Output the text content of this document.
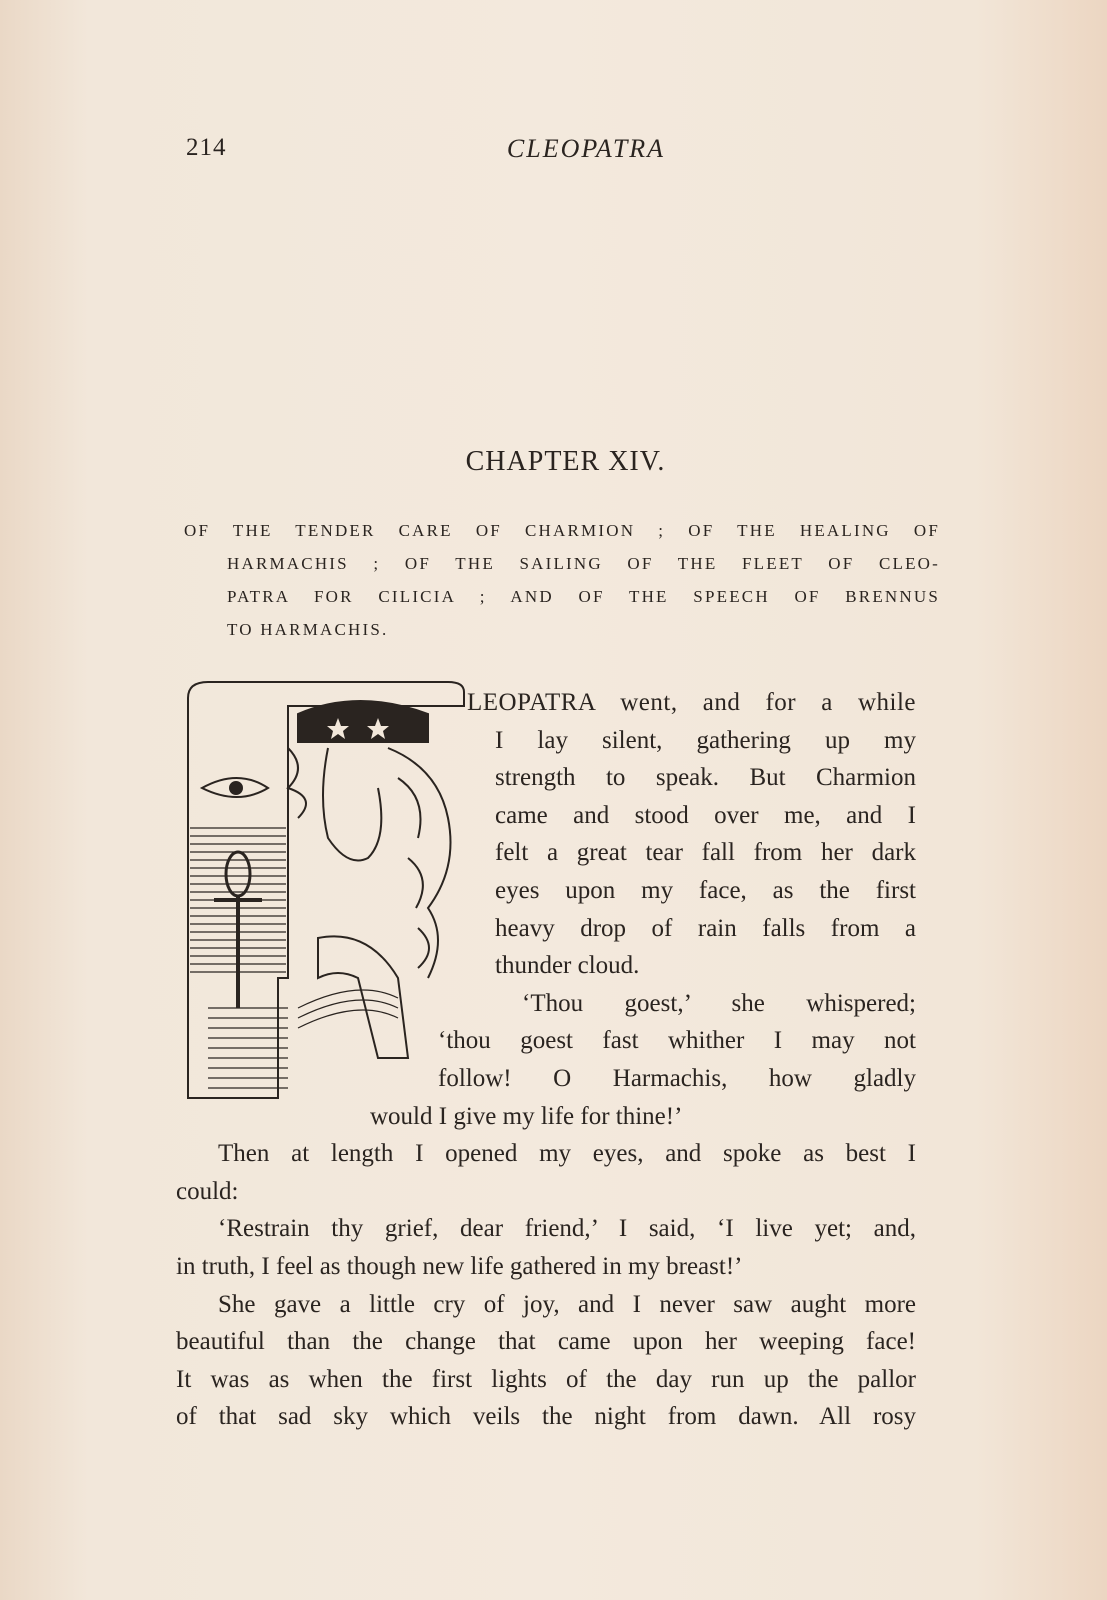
214	CLEOPATRA
CHAPTER XIV.
OF THE TENDER CARE OF CHARMION ; OF THE HEALING OF
HARMACHIS ; OF THE SAILING OF THE FLEET OF CLEO-
PATRA FOR CILICIA ; AND OF THE SPEECH OF BRENNUS
TO HARMACHIS.
LEOPATRA went, and for a while
I lay silent, gathering up my
strength to speak. But Charmion
came and stood over me, and I
felt a great tear fall from her dark
eyes upon my face, as the first
heavy drop of rain falls from a
thunder cloud.
‘Thou goest,’ she whispered;
‘thou goest fast whither I may not
follow! O Harmachis, how gladly
would I give my life for thine!’
Then at length I opened my eyes, and spoke as best I
could:
‘Restrain thy grief, dear friend,’ I said, ‘I live yet; and,
in truth, I feel as though new life gathered in my breast!’
She gave a little cry of joy, and I never saw aught more
beautiful than the change that came upon her weeping face!
It was as when the first lights of the day run up the pallor
of that sad sky which veils the night from dawn. All rosy
